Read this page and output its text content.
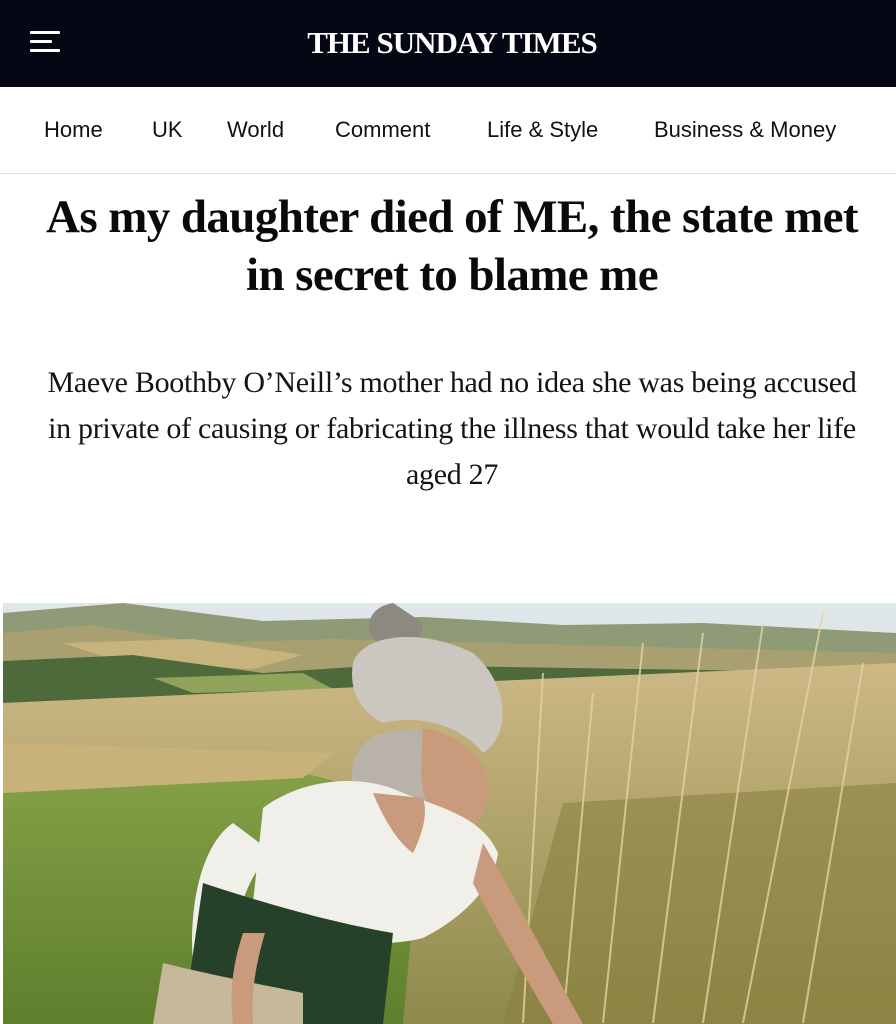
THE SUNDAY TIMES
Home UK World Comment	Life & Style	Business & Money
As my daughter died of ME, the state met in secret to blame me

Maeve Boothby O’Neill’s mother had no idea she was being accused in private of causing or fabricating the illness that would take her life aged 27
